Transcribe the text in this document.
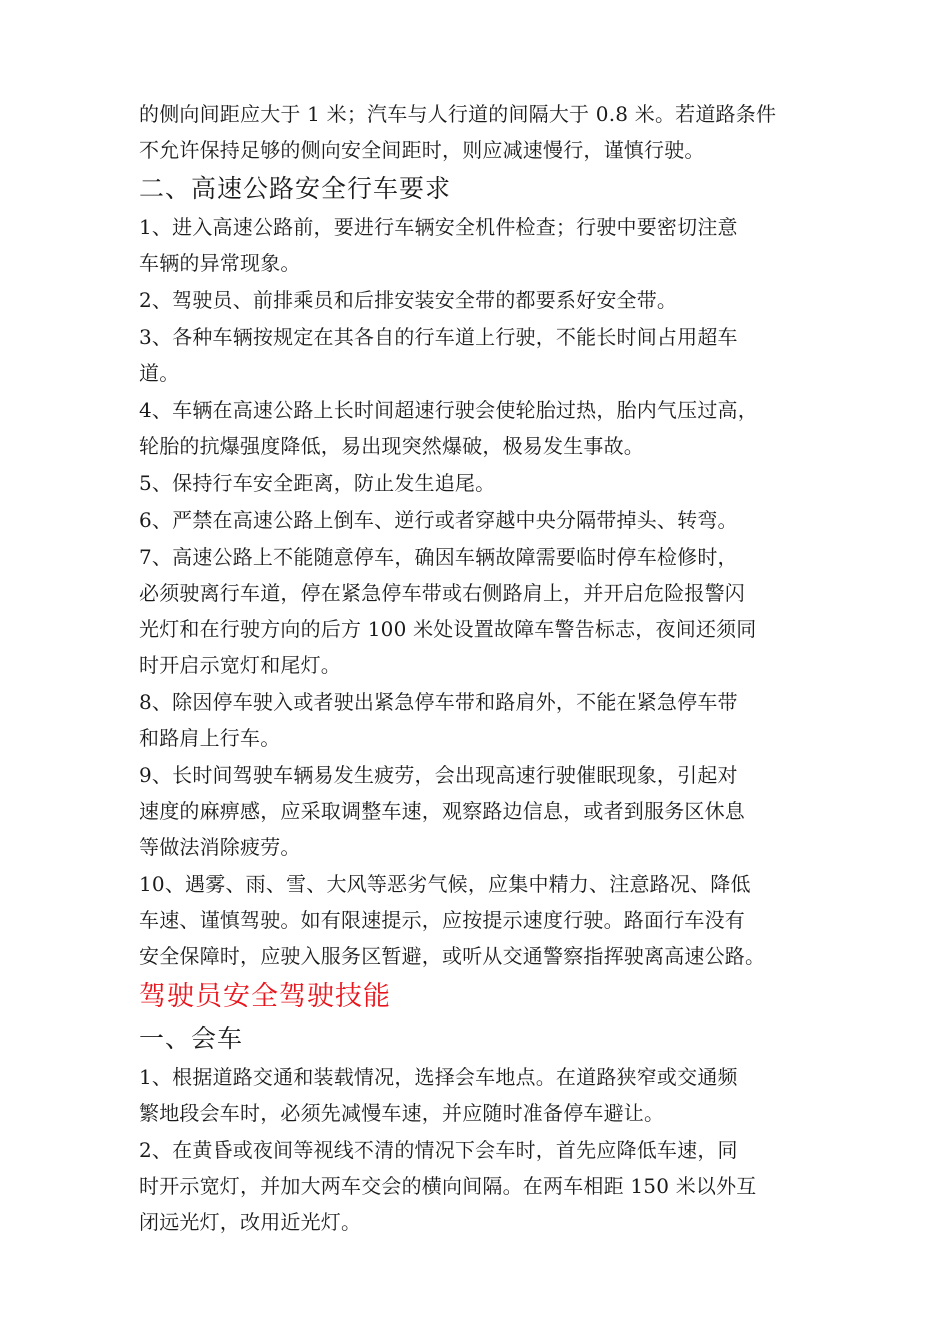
的侧向间距应大于 1 米；汽车与人行道的间隔大于 0.8 米。若道路条件
不允许保持足够的侧向安全间距时，则应减速慢行，谨慎行驶。
二、高速公路安全行车要求
1、进入高速公路前，要进行车辆安全机件检查；行驶中要密切注意
车辆的异常现象。
2、驾驶员、前排乘员和后排安装安全带的都要系好安全带。
3、各种车辆按规定在其各自的行车道上行驶，不能长时间占用超车
道。
4、车辆在高速公路上长时间超速行驶会使轮胎过热，胎内气压过高，
轮胎的抗爆强度降低，易出现突然爆破，极易发生事故。
5、保持行车安全距离，防止发生追尾。
6、严禁在高速公路上倒车、逆行或者穿越中央分隔带掉头、转弯。
7、高速公路上不能随意停车，确因车辆故障需要临时停车检修时，
必须驶离行车道，停在紧急停车带或右侧路肩上，并开启危险报警闪
光灯和在行驶方向的后方 100 米处设置故障车警告标志，夜间还须同
时开启示宽灯和尾灯。
8、除因停车驶入或者驶出紧急停车带和路肩外，不能在紧急停车带
和路肩上行车。
9、长时间驾驶车辆易发生疲劳，会出现高速行驶催眠现象，引起对
速度的麻痹感，应采取调整车速，观察路边信息，或者到服务区休息
等做法消除疲劳。
10、遇雾、雨、雪、大风等恶劣气候，应集中精力、注意路况、降低
车速、谨慎驾驶。如有限速提示，应按提示速度行驶。路面行车没有
安全保障时，应驶入服务区暂避，或听从交通警察指挥驶离高速公路。
驾驶员安全驾驶技能
一、会车
1、根据道路交通和装载情况，选择会车地点。在道路狭窄或交通频
繁地段会车时，必须先减慢车速，并应随时准备停车避让。
2、在黄昏或夜间等视线不清的情况下会车时，首先应降低车速，同
时开示宽灯，并加大两车交会的横向间隔。在两车相距 150 米以外互
闭远光灯，改用近光灯。
